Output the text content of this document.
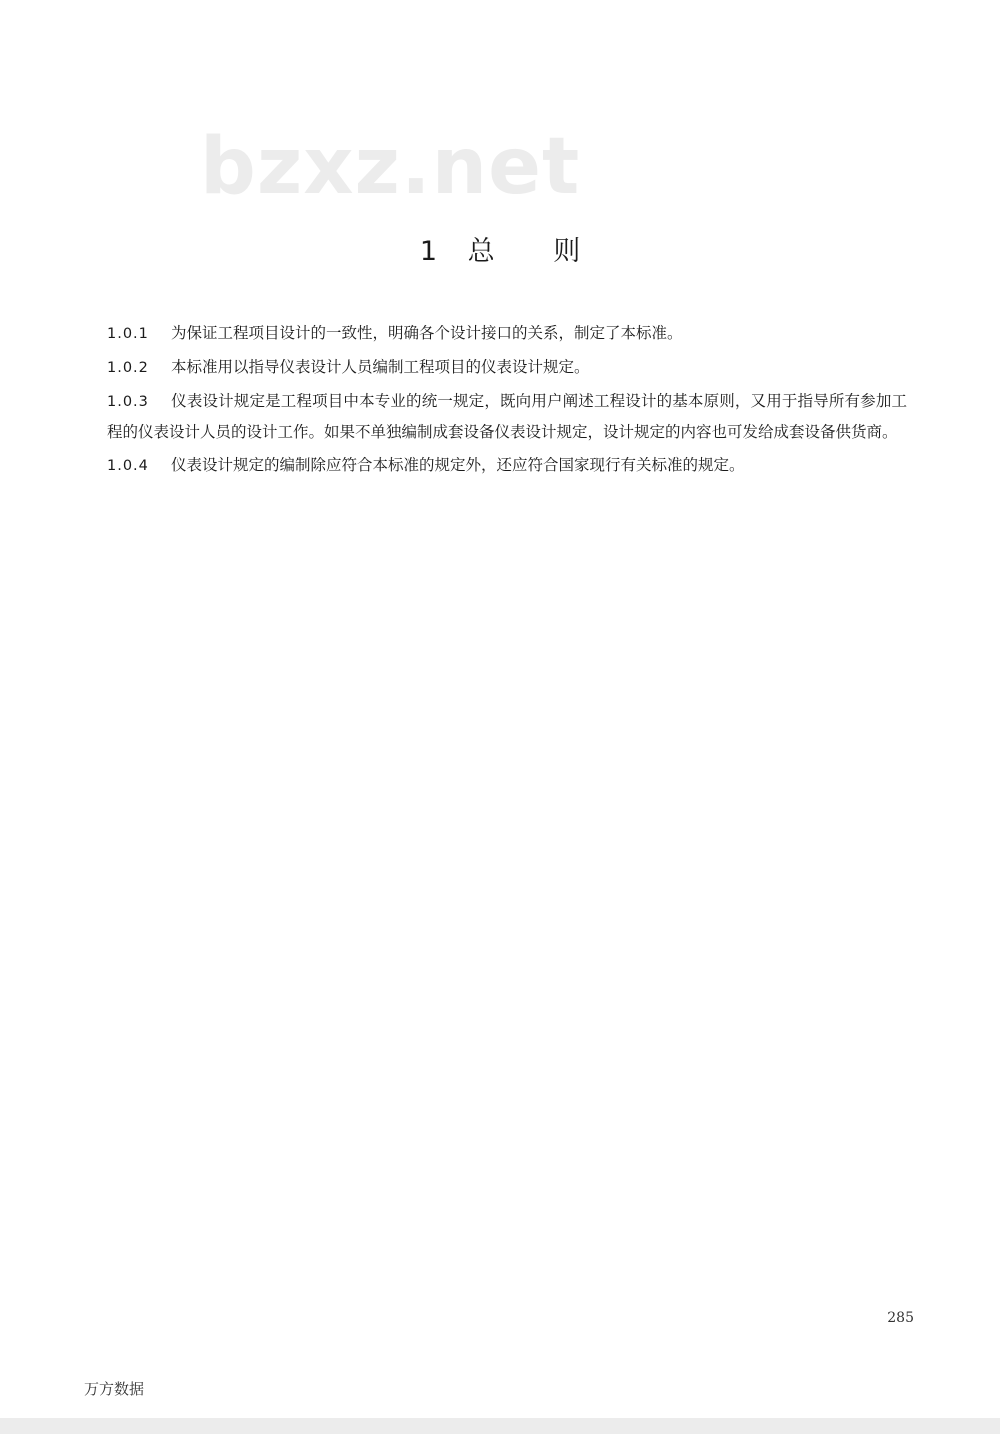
bzxz.net
1 总 则

1.0.1 为保证工程项目设计的一致性，明确各个设计接口的关系，制定了本标准。

1.0.2 本标准用以指导仪表设计人员编制工程项目的仪表设计规定。

1.0.3 仪表设计规定是工程项目中本专业的统一规定，既向用户阐述工程设计的基本原则，又用于指导所有参加工程的仪表设计人员的设计工作。如果不单独编制成套设备仪表设计规定，设计规定的内容也可发给成套设备供货商。

1.0.4 仪表设计规定的编制除应符合本标准的规定外，还应符合国家现行有关标准的规定。

285
万方数据
